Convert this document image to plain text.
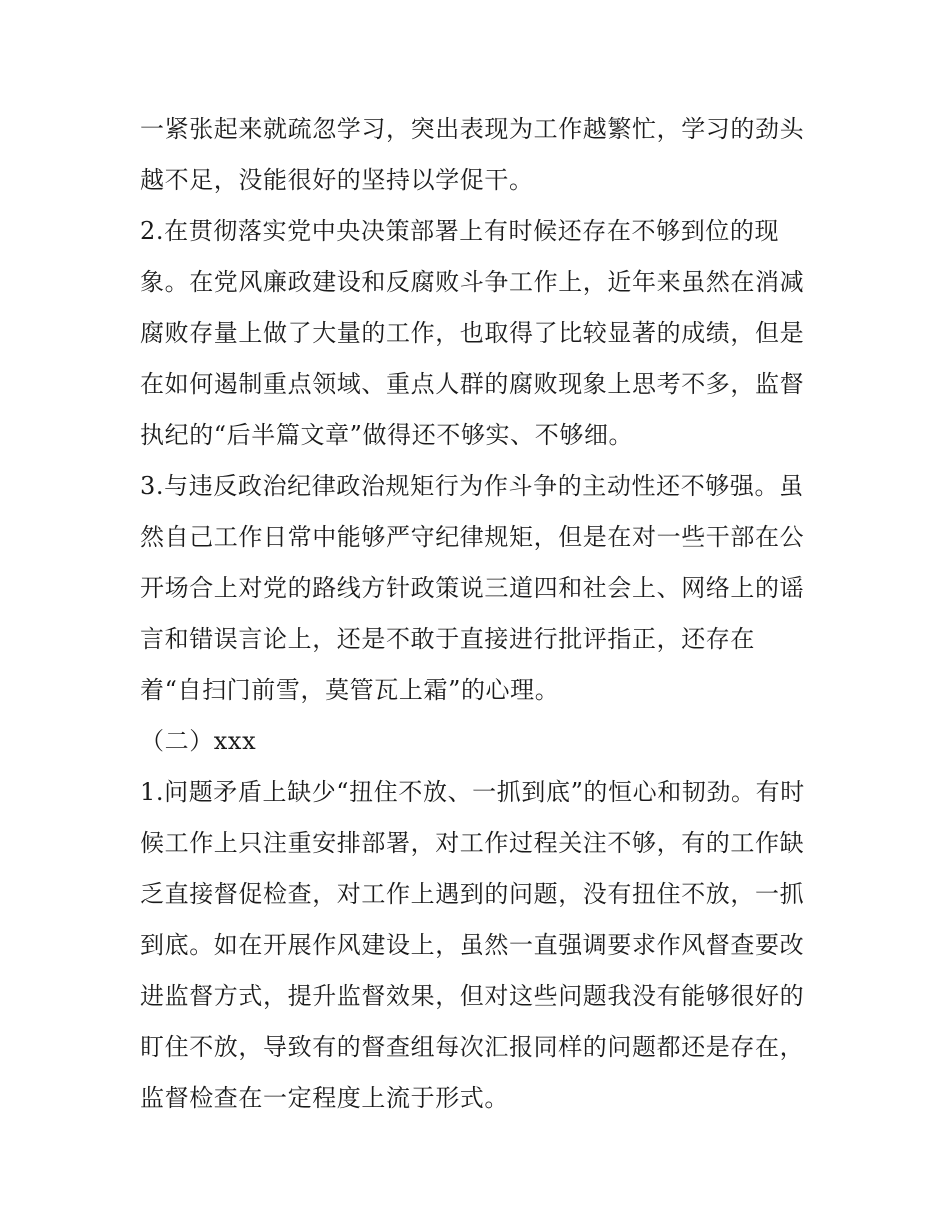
一紧张起来就疏忽学习，突出表现为工作越繁忙，学习的劲头
越不足，没能很好的坚持以学促干。
2.在贯彻落实党中央决策部署上有时候还存在不够到位的现
象。在党风廉政建设和反腐败斗争工作上，近年来虽然在消减
腐败存量上做了大量的工作，也取得了比较显著的成绩，但是
在如何遏制重点领域、重点人群的腐败现象上思考不多，监督
执纪的“后半篇文章”做得还不够实、不够细。
3.与违反政治纪律政治规矩行为作斗争的主动性还不够强。虽
然自己工作日常中能够严守纪律规矩，但是在对一些干部在公
开场合上对党的路线方针政策说三道四和社会上、网络上的谣
言和错误言论上，还是不敢于直接进行批评指正，还存在
着“自扫门前雪，莫管瓦上霜”的心理。
（二）xxx
1.问题矛盾上缺少“扭住不放、一抓到底”的恒心和韧劲。有时
候工作上只注重安排部署，对工作过程关注不够，有的工作缺
乏直接督促检查，对工作上遇到的问题，没有扭住不放，一抓
到底。如在开展作风建设上，虽然一直强调要求作风督查要改
进监督方式，提升监督效果，但对这些问题我没有能够很好的
盯住不放，导致有的督查组每次汇报同样的问题都还是存在，
监督检查在一定程度上流于形式。
